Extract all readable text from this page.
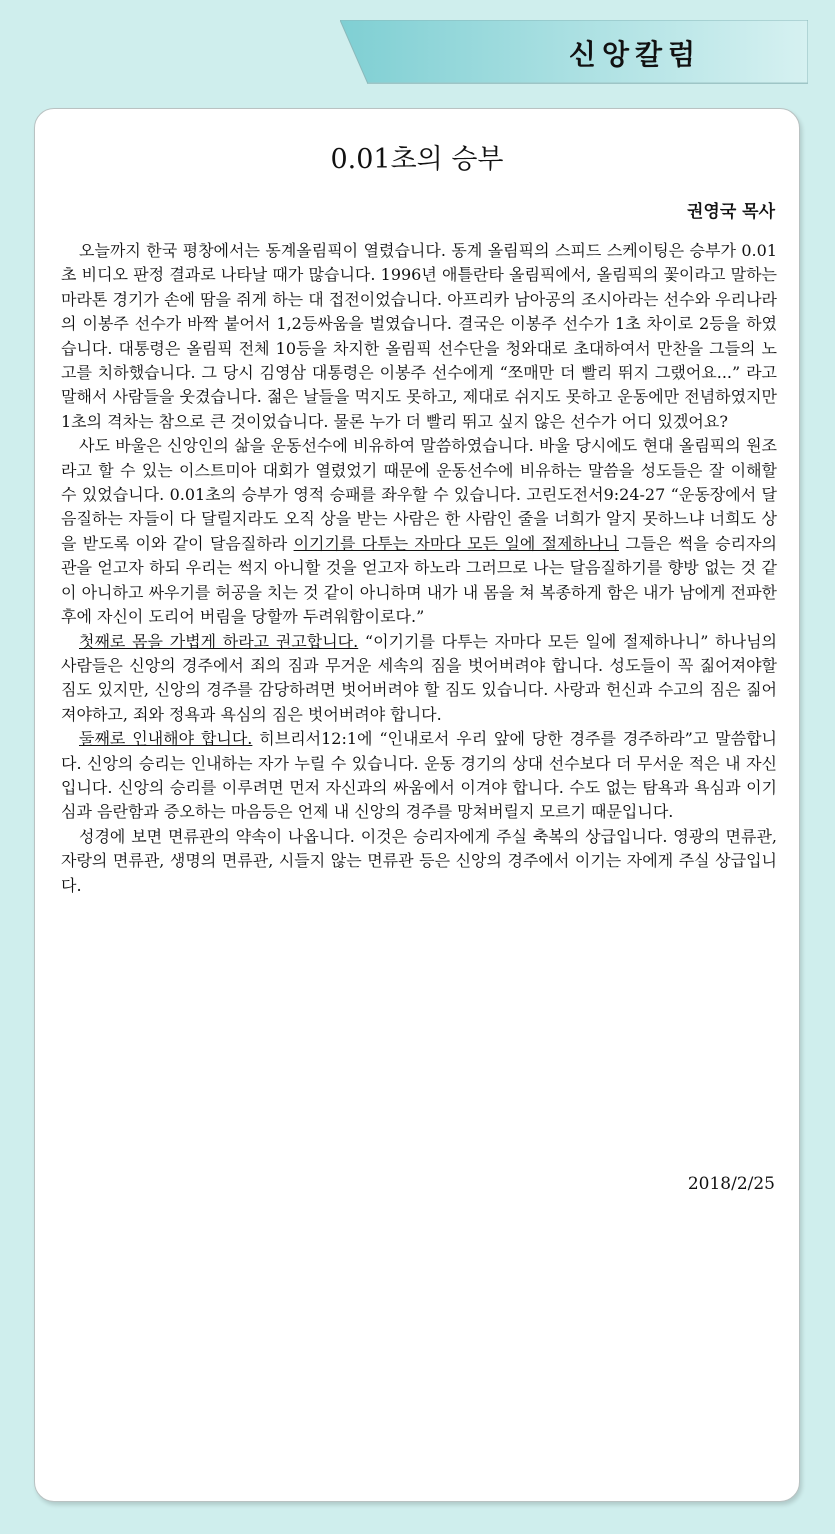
신앙칼럼
0.01초의 승부
권영국 목사

오늘까지 한국 평창에서는 동계올림픽이 열렸습니다. 동계 올림픽의 스피드 스케이팅은 승부가 0.01초 비디오 판정 결과로 나타날 때가 많습니다. 1996년 애틀란타 올림픽에서, 올림픽의 꽃이라고 말하는 마라톤 경기가 손에 땀을 쥐게 하는 대 접전이었습니다. 아프리카 남아공의 조시아라는 선수와 우리나라의 이봉주 선수가 바짝 붙어서 1,2등싸움을 벌였습니다. 결국은 이봉주 선수가 1초 차이로 2등을 하였습니다. 대통령은 올림픽 전체 10등을 차지한 올림픽 선수단을 청와대로 초대하여서 만찬을 그들의 노고를 치하했습니다. 그 당시 김영삼 대통령은 이봉주 선수에게 “쪼매만 더 빨리 뛰지 그랬어요...” 라고 말해서 사람들을 웃겼습니다. 젊은 날들을 먹지도 못하고, 제대로 쉬지도 못하고 운동에만 전념하였지만 1초의 격차는 참으로 큰 것이었습니다. 물론 누가 더 빨리 뛰고 싶지 않은 선수가 어디 있겠어요?

사도 바울은 신앙인의 삶을 운동선수에 비유하여 말씀하였습니다. 바울 당시에도 현대 올림픽의 원조라고 할 수 있는 이스트미아 대회가 열렸었기 때문에 운동선수에 비유하는 말씀을 성도들은 잘 이해할 수 있었습니다. 0.01초의 승부가 영적 승패를 좌우할 수 있습니다. 고린도전서9:24-27 “운동장에서 달음질하는 자들이 다 달릴지라도 오직 상을 받는 사람은 한 사람인 줄을 너희가 알지 못하느냐 너희도 상을 받도록 이와 같이 달음질하라 이기기를 다투는 자마다 모든 일에 절제하나니 그들은 썩을 승리자의 관을 얻고자 하되 우리는 썩지 아니할 것을 얻고자 하노라 그러므로 나는 달음질하기를 향방 없는 것 같이 아니하고 싸우기를 허공을 치는 것 같이 아니하며 내가 내 몸을 쳐 복종하게 함은 내가 남에게 전파한 후에 자신이 도리어 버림을 당할까 두려워함이로다.”

첫째로 몸을 가볍게 하라고 권고합니다. “이기기를 다투는 자마다 모든 일에 절제하나니” 하나님의 사람들은 신앙의 경주에서 죄의 짐과 무거운 세속의 짐을 벗어버려야 합니다. 성도들이 꼭 짊어져야할 짐도 있지만, 신앙의 경주를 감당하려면 벗어버려야 할 짐도 있습니다. 사랑과 헌신과 수고의 짐은 짊어져야하고, 죄와 정욕과 욕심의 짐은 벗어버려야 합니다.

둘째로 인내해야 합니다. 히브리서12:1에 “인내로서 우리 앞에 당한 경주를 경주하라”고 말씀합니다. 신앙의 승리는 인내하는 자가 누릴 수 있습니다. 운동 경기의 상대 선수보다 더 무서운 적은 내 자신입니다. 신앙의 승리를 이루려면 먼저 자신과의 싸움에서 이겨야 합니다. 수도 없는 탐욕과 욕심과 이기심과 음란함과 증오하는 마음등은 언제 내 신앙의 경주를 망쳐버릴지 모르기 때문입니다.

성경에 보면 면류관의 약속이 나옵니다. 이것은 승리자에게 주실 축복의 상급입니다. 영광의 면류관, 자랑의 면류관, 생명의 면류관, 시들지 않는 면류관 등은 신앙의 경주에서 이기는 자에게 주실 상급입니다.

2018/2/25
